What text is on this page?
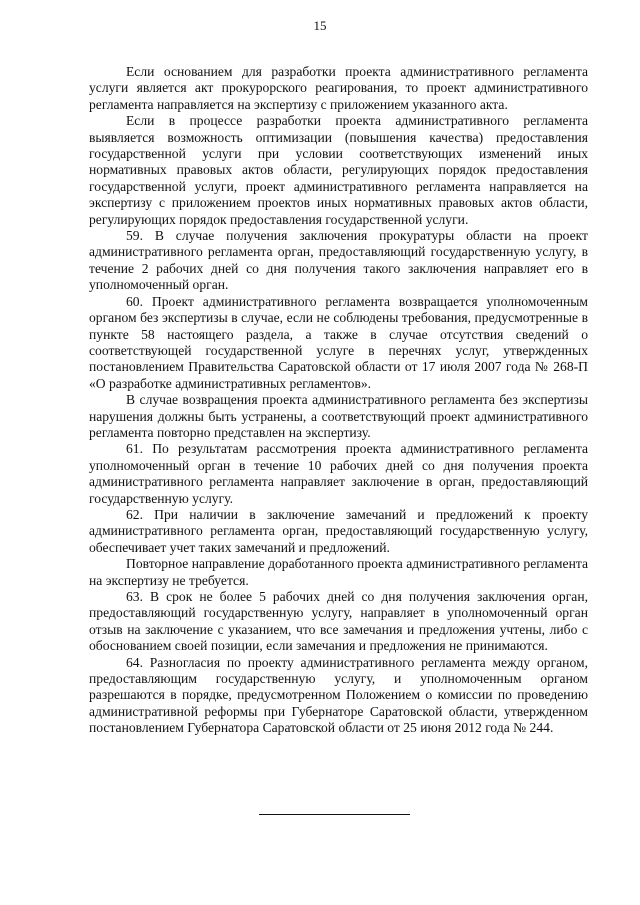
15

Если основанием для разработки проекта административного регламента услуги является акт прокурорского реагирования, то проект административного регламента направляется на экспертизу с приложением указанного акта.

Если в процессе разработки проекта административного регламента выявляется возможность оптимизации (повышения качества) предоставления государственной услуги при условии соответствующих изменений иных нормативных правовых актов области, регулирующих порядок предоставления государственной услуги, проект административного регламента направляется на экспертизу с приложением проектов иных нормативных правовых актов области, регулирующих порядок предоставления государственной услуги.

59. В случае получения заключения прокуратуры области на проект административного регламента орган, предоставляющий государственную услугу, в течение 2 рабочих дней со дня получения такого заключения направляет его в уполномоченный орган.

60. Проект административного регламента возвращается уполномоченным органом без экспертизы в случае, если не соблюдены требования, предусмотренные в пункте 58 настоящего раздела, а также в случае отсутствия сведений о соответствующей государственной услуге в перечнях услуг, утвержденных постановлением Правительства Саратовской области от 17 июля 2007 года № 268-П «О разработке административных регламентов».

В случае возвращения проекта административного регламента без экспертизы нарушения должны быть устранены, а соответствующий проект административного регламента повторно представлен на экспертизу.

61. По результатам рассмотрения проекта административного регламента уполномоченный орган в течение 10 рабочих дней со дня получения проекта административного регламента направляет заключение в орган, предоставляющий государственную услугу.

62. При наличии в заключение замечаний и предложений к проекту административного регламента орган, предоставляющий государственную услугу, обеспечивает учет таких замечаний и предложений.

Повторное направление доработанного проекта административного регламента на экспертизу не требуется.

63. В срок не более 5 рабочих дней со дня получения заключения орган, предоставляющий государственную услугу, направляет в уполномоченный орган отзыв на заключение с указанием, что все замечания и предложения учтены, либо с обоснованием своей позиции, если замечания и предложения не принимаются.

64. Разногласия по проекту административного регламента между органом, предоставляющим государственную услугу, и уполномоченным органом разрешаются в порядке, предусмотренном Положением о комиссии по проведению административной реформы при Губернаторе Саратовской области, утвержденном постановлением Губернатора Саратовской области от 25 июня 2012 года № 244.
